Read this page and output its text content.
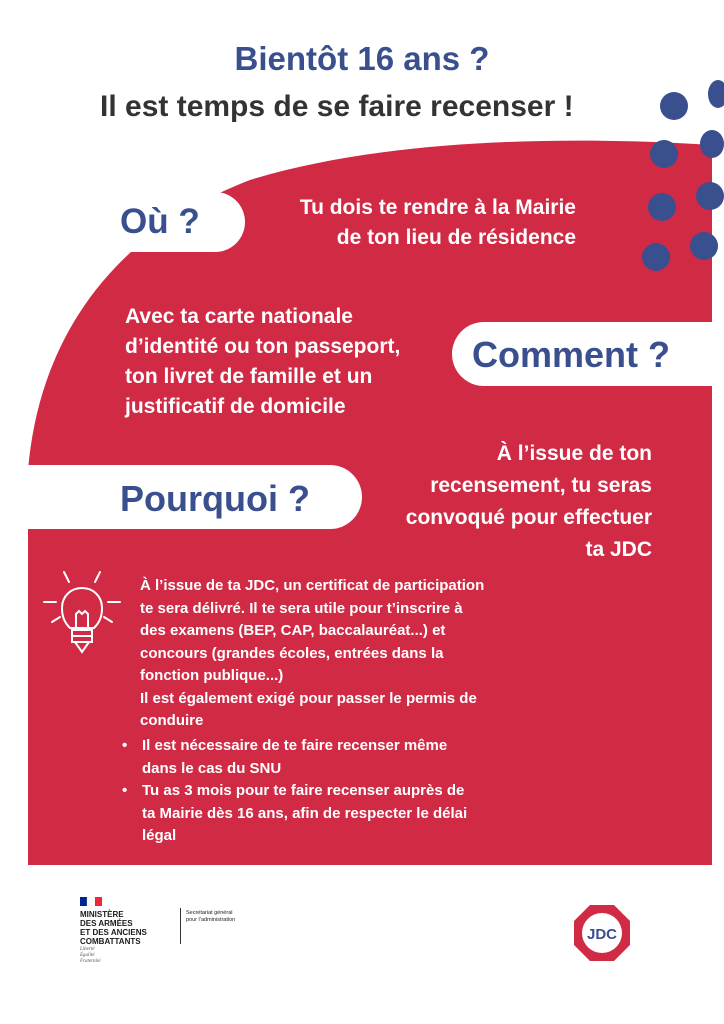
Bientôt 16 ans ?
Il est temps de se faire recenser !
Où ?	Tu dois te rendre à la Mairie
de ton lieu de résidence
Avec ta carte nationale
d’identité ou ton passeport,
ton livret de famille et un
justificatif de domicile
Comment ?
Pourquoi ?
À l’issue de ton
recensement, tu seras
convoqué pour effectuer
ta JDC
À l’issue de ta JDC, un certificat de participation
te sera délivré. Il te sera utile pour t’inscrire à
des examens (BEP, CAP, baccalauréat...) et
concours (grandes écoles, entrées dans la
fonction publique...)
Il est également exigé pour passer le permis de
conduire
• Il est nécessaire de te faire recenser même
dans le cas du SNU
• Tu as 3 mois pour te faire recenser auprès de
ta Mairie dès 16 ans, afin de respecter le délai
légal
MINISTÈRE
DES ARMÉES
ET DES ANCIENS
COMBATTANTS
Liberté
Égalité
Fraternité
Secrétariat général
pour l’administration
JDC
